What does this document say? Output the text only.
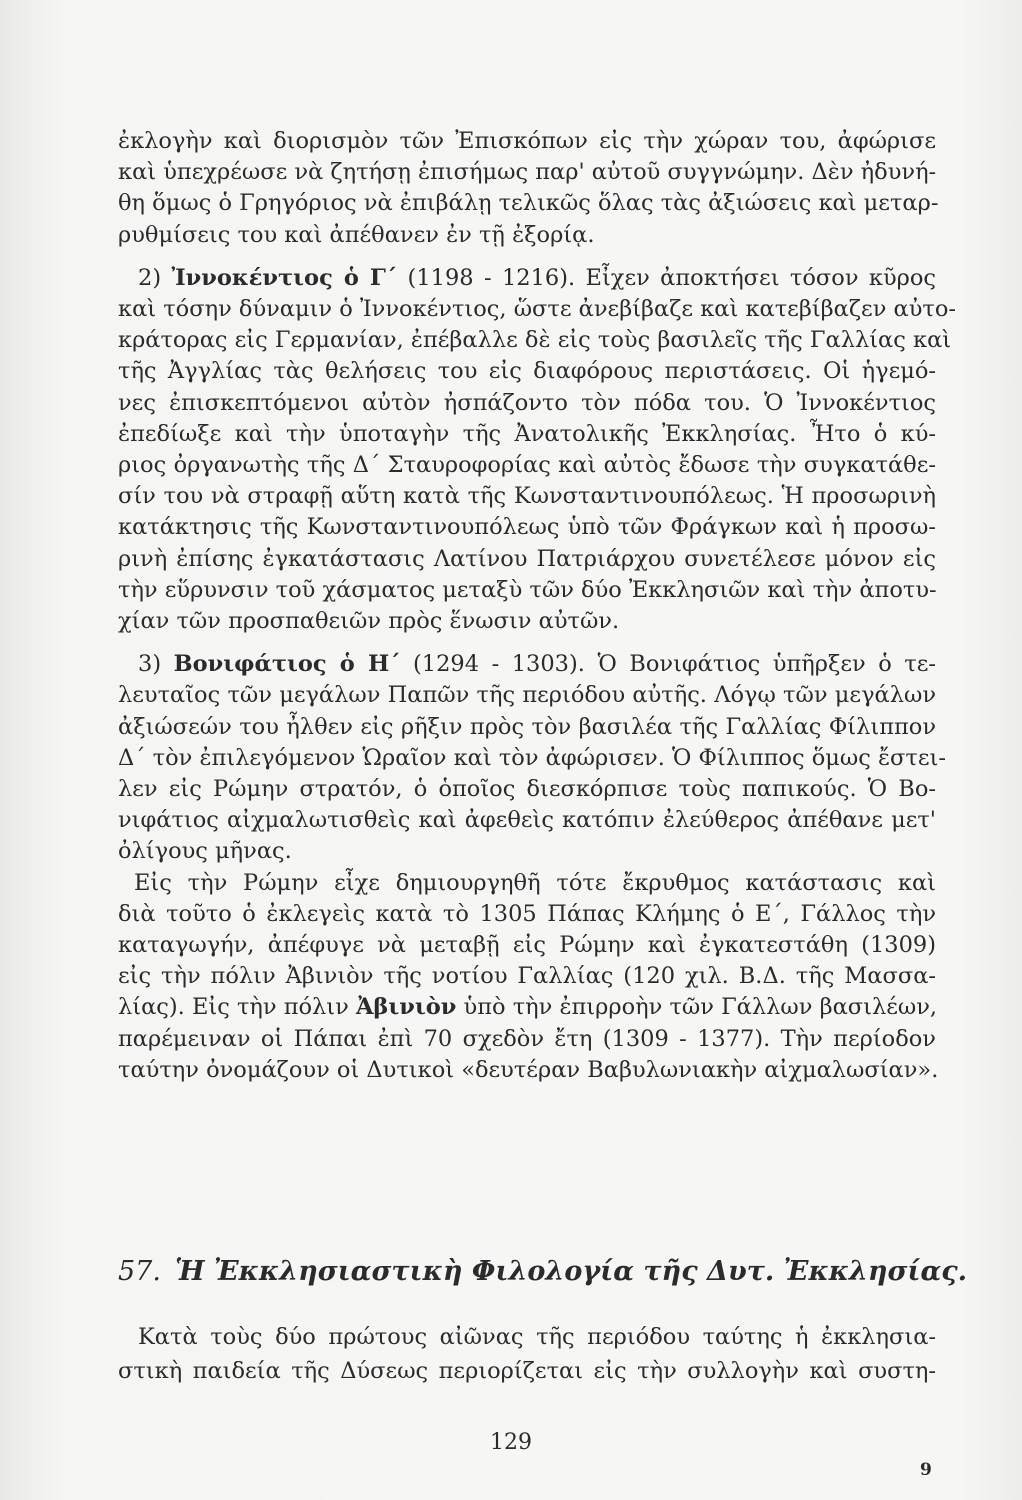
ἐκλογὴν καὶ διορισμὸν τῶν Ἐπισκόπων εἰς τὴν χώραν του, ἀφώρισε
καὶ ὑπεχρέωσε νὰ ζητήσῃ ἐπισήμως παρ' αὐτοῦ συγγνώμην. Δὲν ἠδυνή-
θη ὅμως ὁ Γρηγόριος νὰ ἐπιβάλῃ τελικῶς ὅλας τὰς ἀξιώσεις καὶ μεταρ-
ρυθμίσεις του καὶ ἀπέθανεν ἐν τῇ ἐξορίᾳ.
2) Ἰννοκέντιος ὁ Γ΄ (1198 - 1216). Εἶχεν ἀποκτήσει τόσον κῦρος
καὶ τόσην δύναμιν ὁ Ἰννοκέντιος, ὥστε ἀνεβίβαζε καὶ κατεβίβαζεν αὐτο-
κράτορας εἰς Γερμανίαν, ἐπέβαλλε δὲ εἰς τοὺς βασιλεῖς τῆς Γαλλίας καὶ
τῆς Ἀγγλίας τὰς θελήσεις του εἰς διαφόρους περιστάσεις. Οἱ ἡγεμό-
νες ἐπισκεπτόμενοι αὐτὸν ἠσπάζοντο τὸν πόδα του. Ὁ Ἰννοκέντιος
ἐπεδίωξε καὶ τὴν ὑποταγὴν τῆς Ἀνατολικῆς Ἐκκλησίας. Ἦτο ὁ κύ-
ριος ὀργανωτὴς τῆς Δ΄ Σταυροφορίας καὶ αὐτὸς ἔδωσε τὴν συγκατάθε-
σίν του νὰ στραφῇ αὕτη κατὰ τῆς Κωνσταντινουπόλεως. Ἡ προσωρινὴ
κατάκτησις τῆς Κωνσταντινουπόλεως ὑπὸ τῶν Φράγκων καὶ ἡ προσω-
ρινὴ ἐπίσης ἐγκατάστασις Λατίνου Πατριάρχου συνετέλεσε μόνον εἰς
τὴν εὕρυνσιν τοῦ χάσματος μεταξὺ τῶν δύο Ἐκκλησιῶν καὶ τὴν ἀποτυ-
χίαν τῶν προσπαθειῶν πρὸς ἕνωσιν αὐτῶν.
3) Βονιφάτιος ὁ Η΄ (1294 - 1303). Ὁ Βονιφάτιος ὑπῆρξεν ὁ τε-
λευταῖος τῶν μεγάλων Παπῶν τῆς περιόδου αὐτῆς. Λόγῳ τῶν μεγάλων
ἀξιώσεών του ἦλθεν εἰς ρῆξιν πρὸς τὸν βασιλέα τῆς Γαλλίας Φίλιππον
Δ΄ τὸν ἐπιλεγόμενον Ὡραῖον καὶ τὸν ἀφώρισεν. Ὁ Φίλιππος ὅμως ἔστει-
λεν εἰς Ρώμην στρατόν, ὁ ὁποῖος διεσκόρπισε τοὺς παπικούς. Ὁ Βο-
νιφάτιος αἰχμαλωτισθεὶς καὶ ἀφεθεὶς κατόπιν ἐλεύθερος ἀπέθανε μετ'
ὀλίγους μῆνας.
Εἰς τὴν Ρώμην εἶχε δημιουργηθῆ τότε ἔκρυθμος κατάστασις καὶ
διὰ τοῦτο ὁ ἐκλεγεὶς κατὰ τὸ 1305 Πάπας Κλήμης ὁ Ε΄, Γάλλος τὴν
καταγωγήν, ἀπέφυγε νὰ μεταβῇ εἰς Ρώμην καὶ ἐγκατεστάθη (1309)
εἰς τὴν πόλιν Ἀβινιὸν τῆς νοτίου Γαλλίας (120 χιλ. Β.Δ. τῆς Μασσα-
λίας). Εἰς τὴν πόλιν Ἀβινιὸν ὑπὸ τὴν ἐπιρροὴν τῶν Γάλλων βασιλέων,
παρέμειναν οἱ Πάπαι ἐπὶ 70 σχεδὸν ἔτη (1309 - 1377). Τὴν περίοδον
ταύτην ὀνομάζουν οἱ Δυτικοὶ «δευτέραν Βαβυλωνιακὴν αἰχμαλωσίαν».
57. Ἡ Ἐκκλησιαστικὴ Φιλολογία τῆς Δυτ. Ἐκκλησίας.
Κατὰ τοὺς δύο πρώτους αἰῶνας τῆς περιόδου ταύτης ἡ ἐκκλησια-
στικὴ παιδεία τῆς Δύσεως περιορίζεται εἰς τὴν συλλογὴν καὶ συστη-
129
9
